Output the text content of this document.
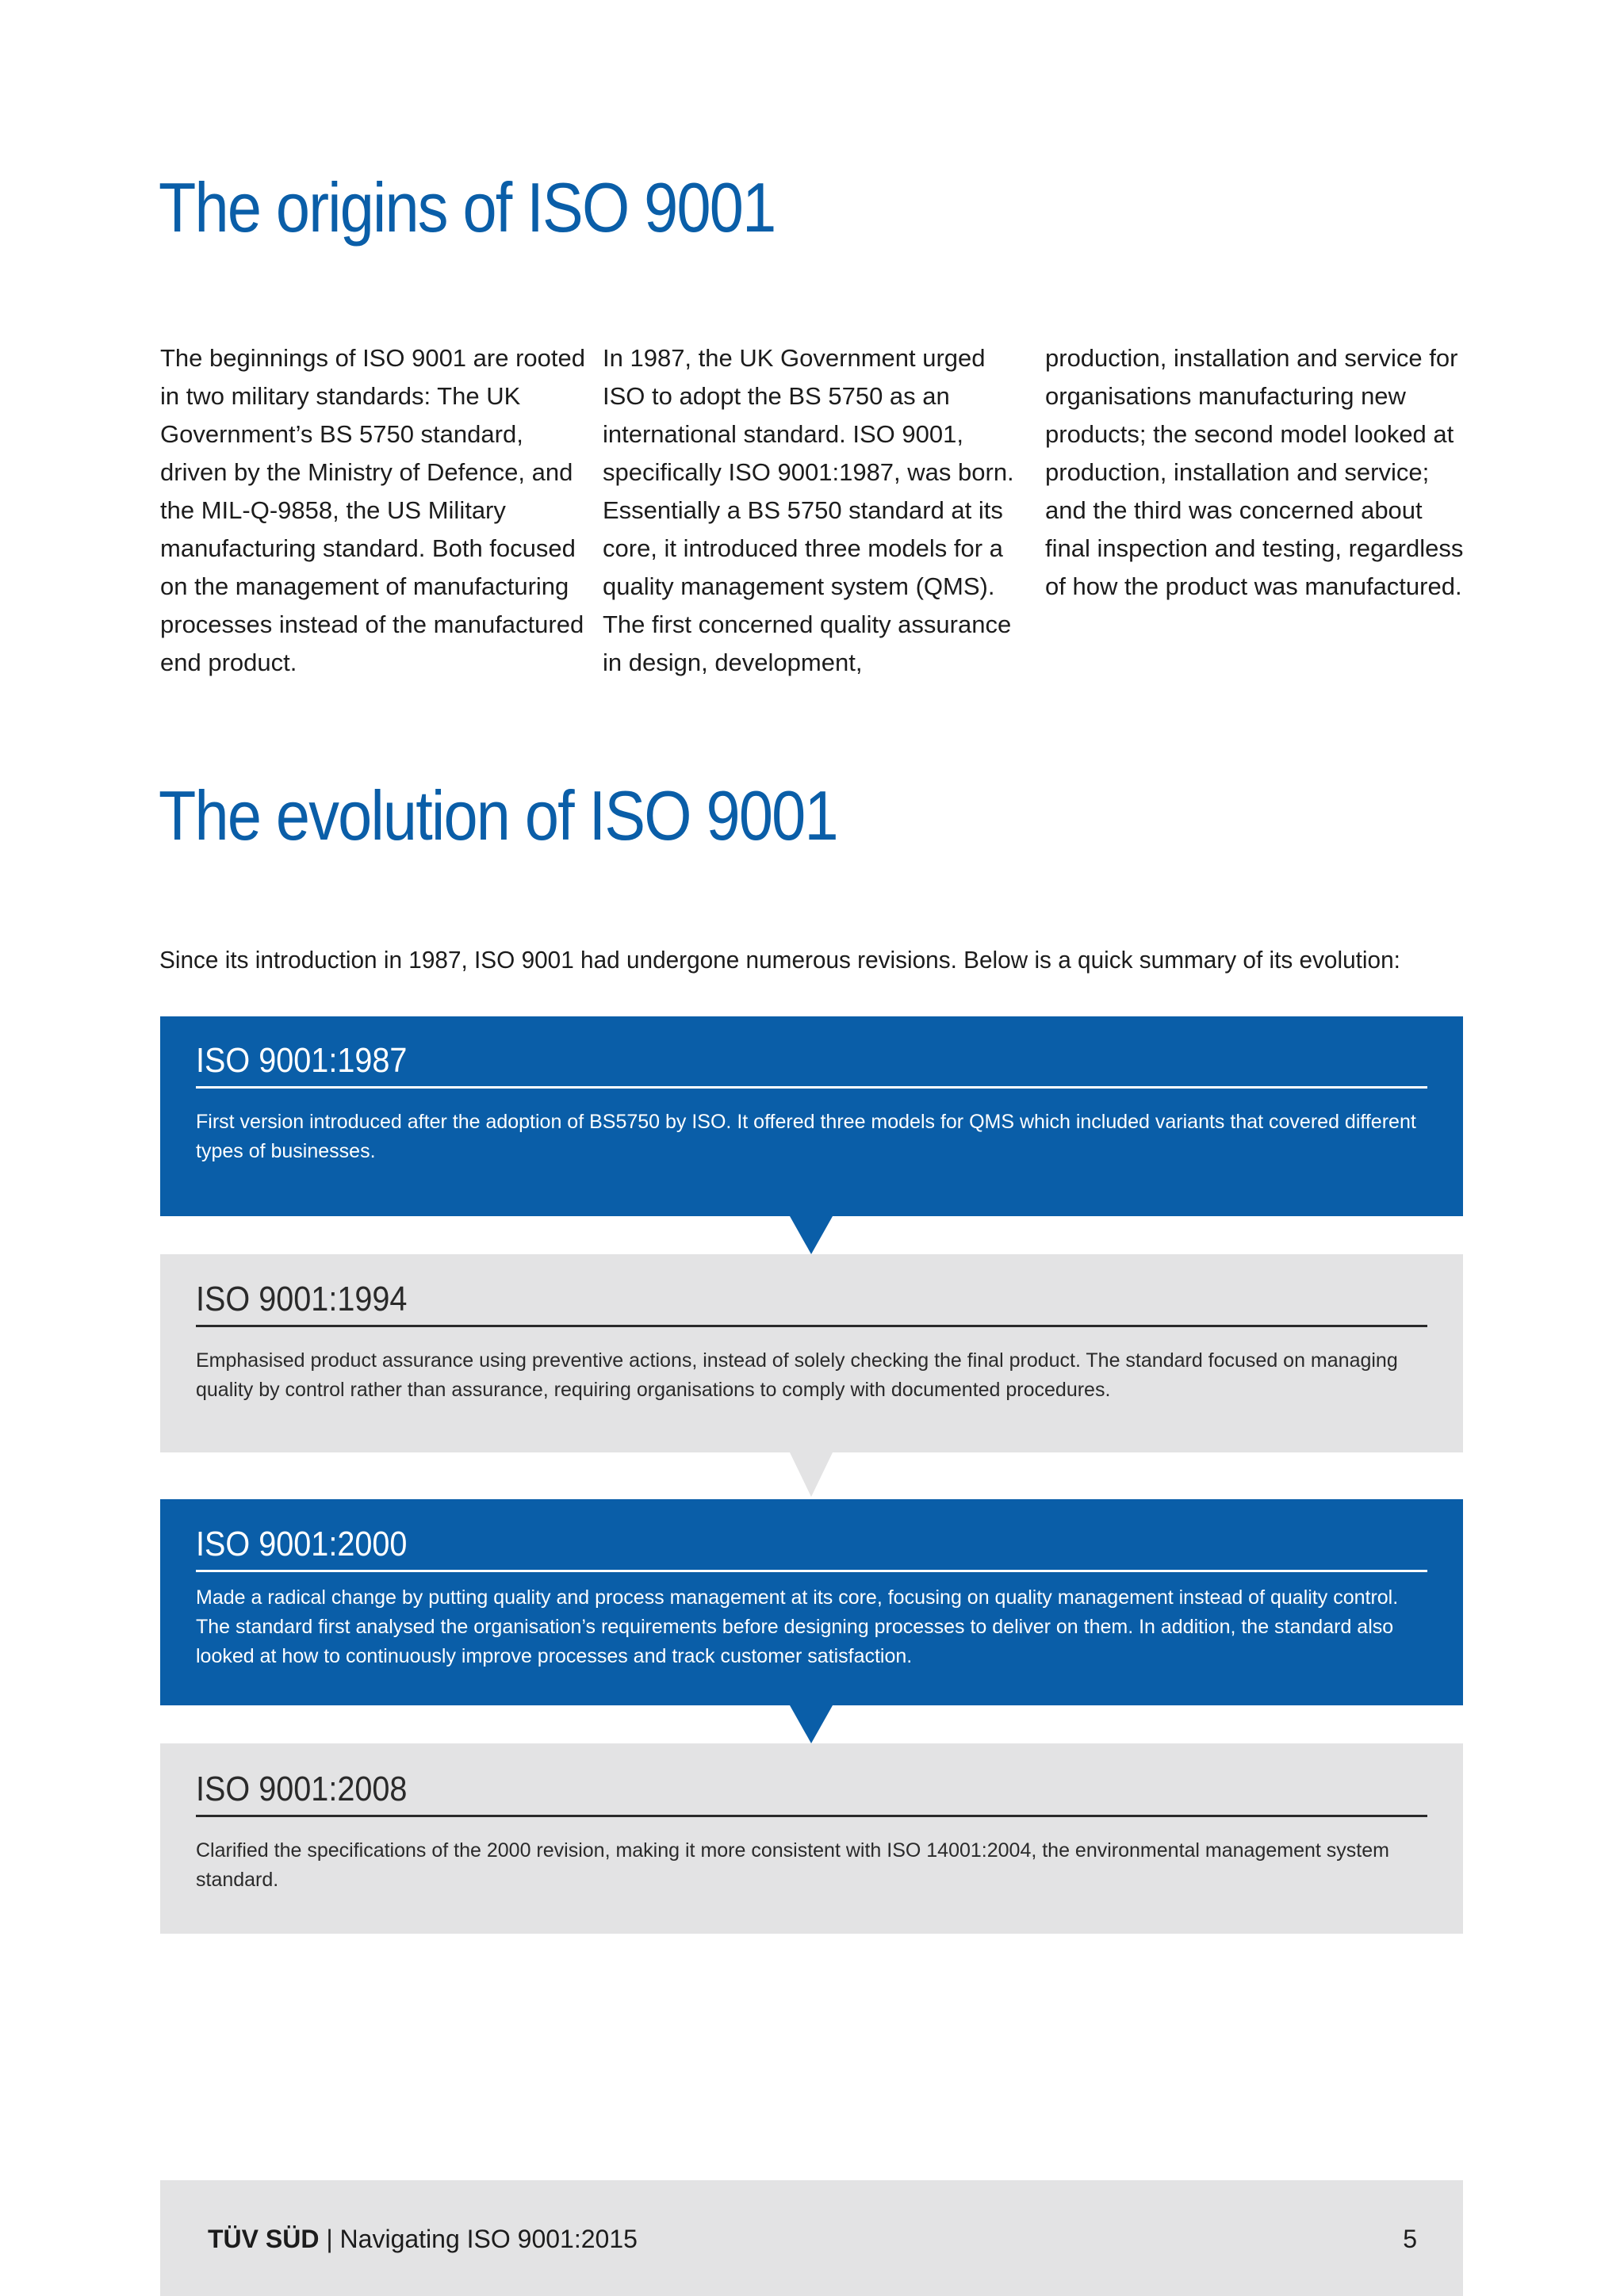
The origins of ISO 9001

The beginnings of ISO 9001 are rooted in two military standards: The UK Government’s BS 5750 standard, driven by the Ministry of Defence, and the MIL-Q-9858, the US Military manufacturing standard. Both focused on the management of manufacturing processes instead of the manufactured end product.

In 1987, the UK Government urged ISO to adopt the BS 5750 as an international standard. ISO 9001, specifically ISO 9001:1987, was born. Essentially a BS 5750 standard at its core, it introduced three models for a quality management system (QMS). The first concerned quality assurance in design, development,

production, installation and service for organisations manufacturing new products; the second model looked at production, installation and service; and the third was concerned about final inspection and testing, regardless of how the product was manufactured.

The evolution of ISO 9001

Since its introduction in 1987, ISO 9001 had undergone numerous revisions. Below is a quick summary of its evolution:

ISO 9001:1987

First version introduced after the adoption of BS5750 by ISO. It offered three models for QMS which included variants that covered different types of businesses.

ISO 9001:1994

Emphasised product assurance using preventive actions, instead of solely checking the final product. The standard focused on managing quality by control rather than assurance, requiring organisations to comply with documented procedures.

ISO 9001:2000

Made a radical change by putting quality and process management at its core, focusing on quality management instead of quality control. The standard first analysed the organisation’s requirements before designing processes to deliver on them. In addition, the standard also looked at how to continuously improve processes and track customer satisfaction.

ISO 9001:2008

Clarified the specifications of the 2000 revision, making it more consistent with ISO 14001:2004, the environmental management system standard.

TÜV SÜD | Navigating ISO 9001:2015	5
